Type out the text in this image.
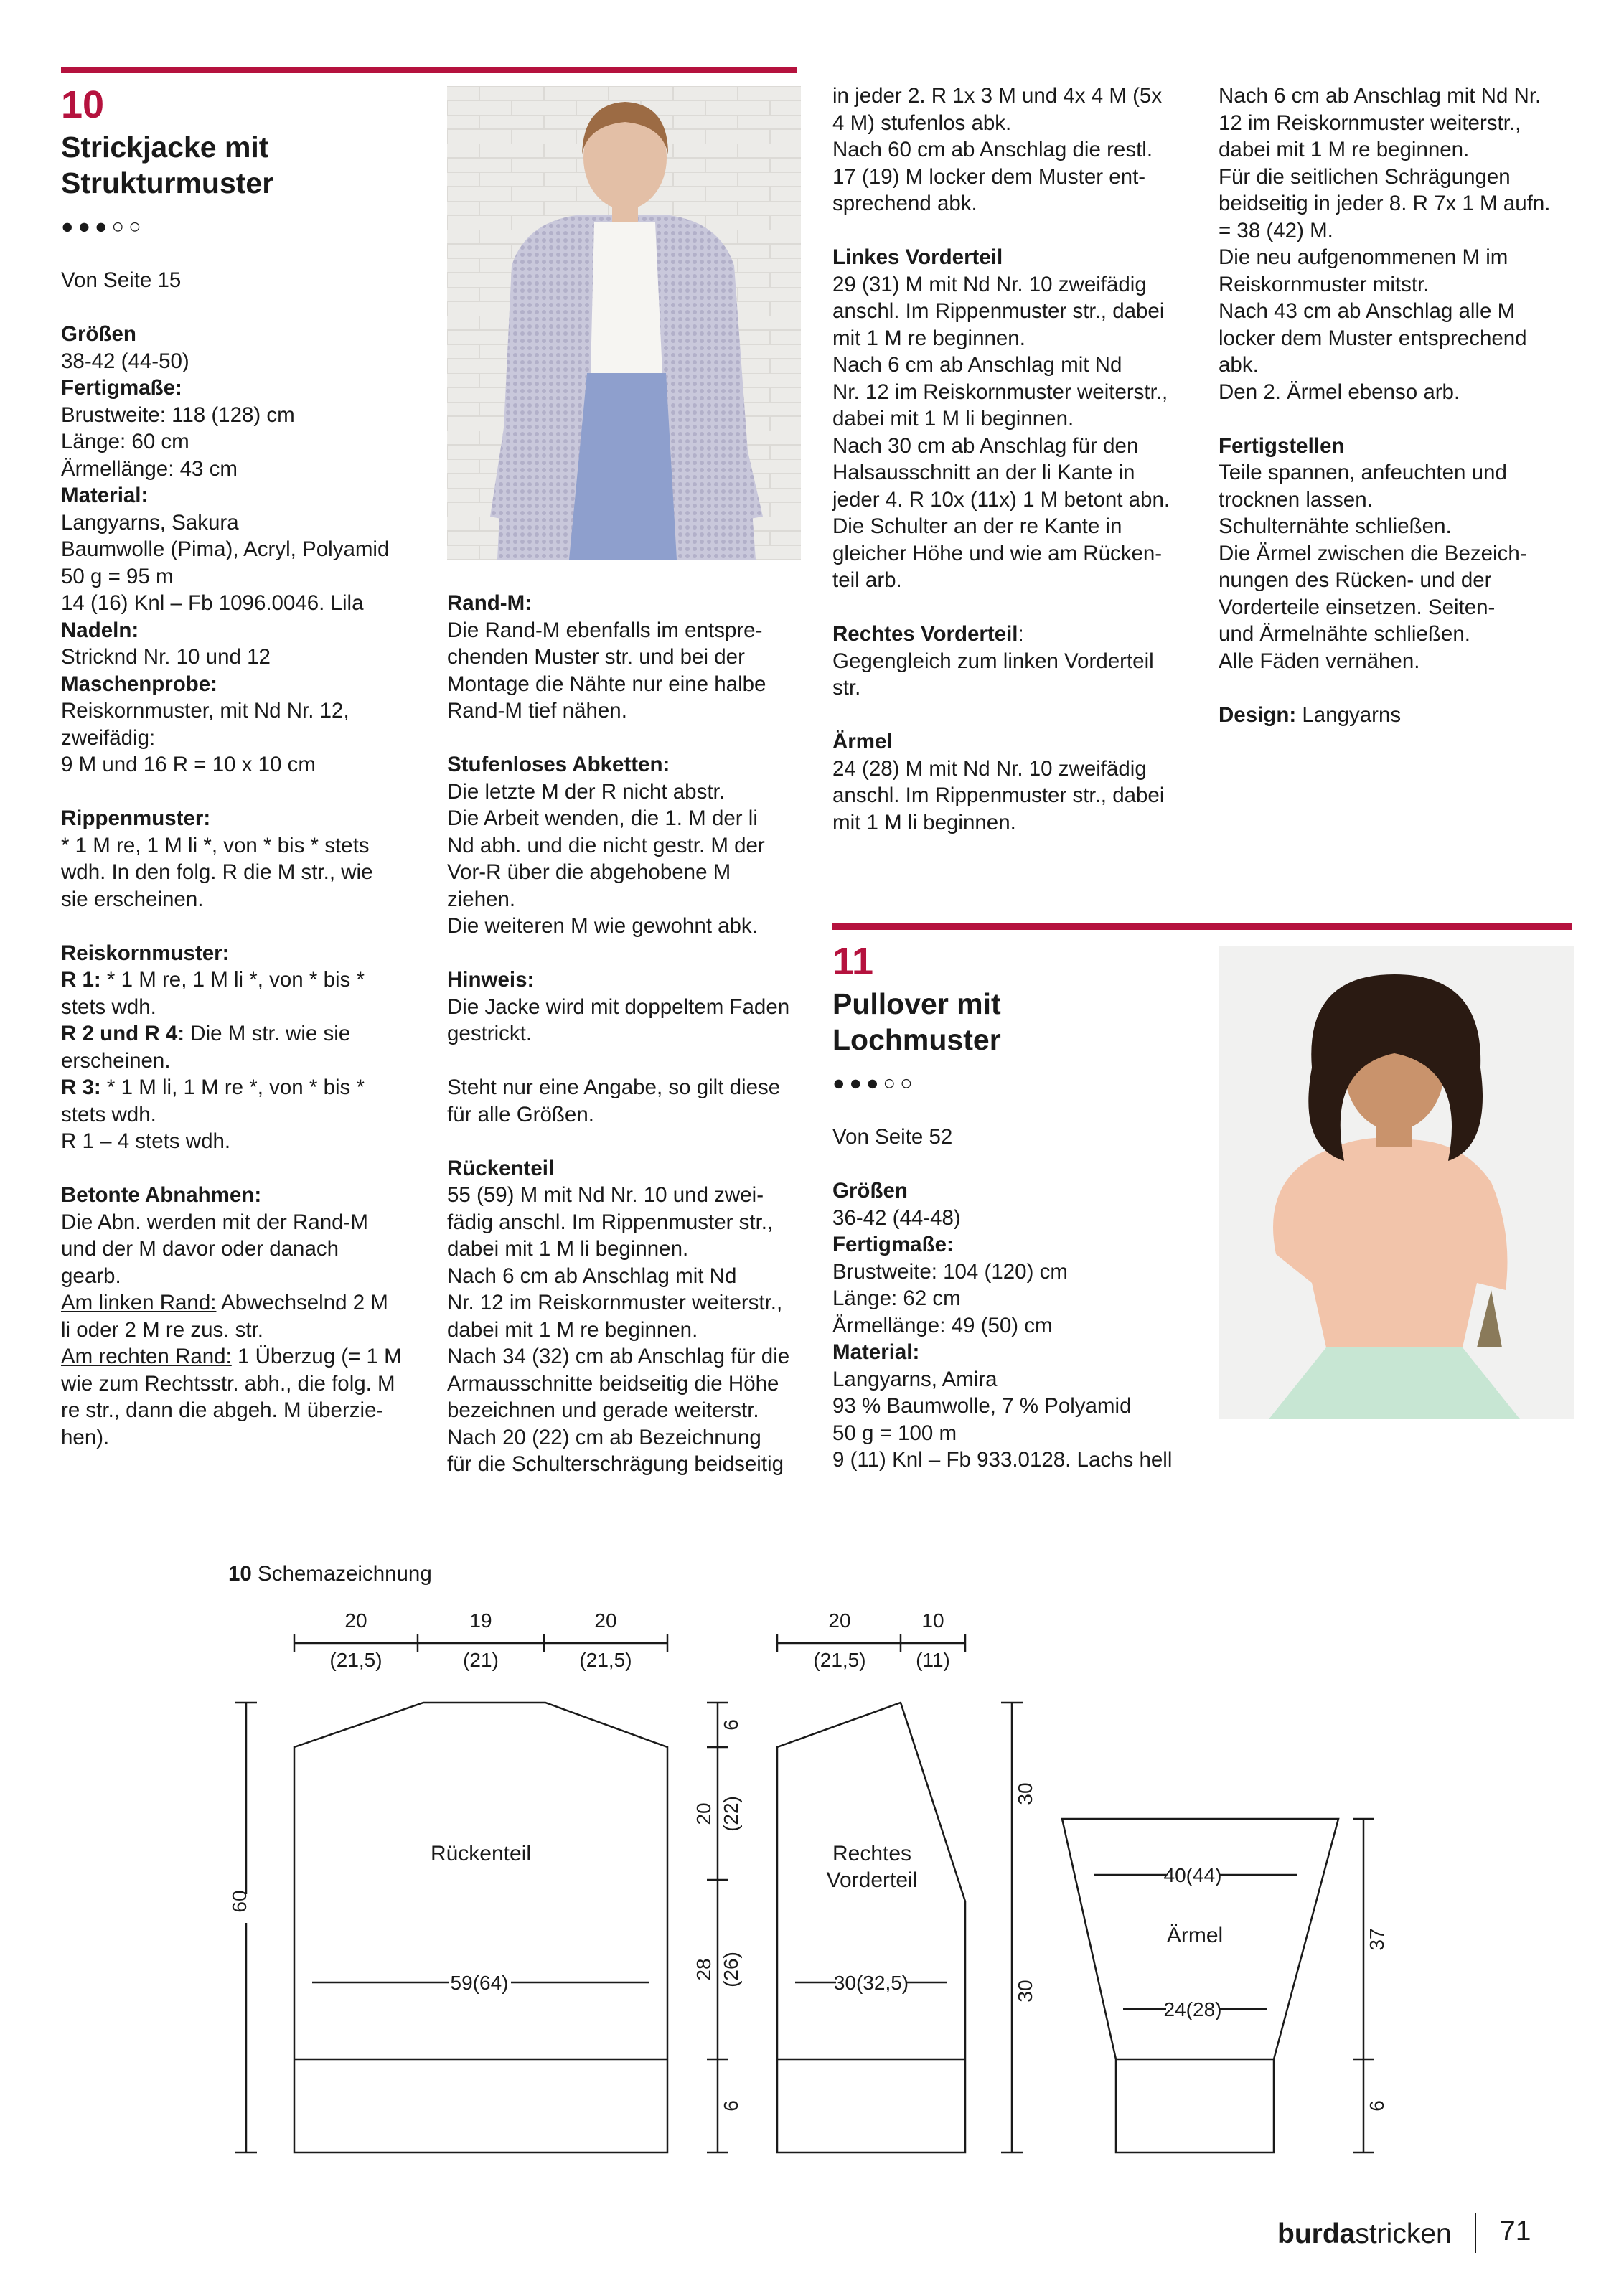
10
Strickjacke mit
Strukturmuster
●●●○○

Von Seite 15

Größen

38-42 (44-50)

Fertigmaße:

Brustweite: 118 (128) cm

Länge: 60 cm

Ärmellänge: 43 cm

Material:

Langyarns, Sakura

Baumwolle (Pima), Acryl, Polyamid

50 g = 95 m

14 (16) Knl – Fb 1096.0046. Lila

Nadeln:

Stricknd Nr. 10 und 12

Maschenprobe:

Reiskornmuster, mit Nd Nr. 12,

zweifädig:

9 M und 16 R = 10 x 10 cm

Rippenmuster:

* 1 M re, 1 M li *, von * bis * stets

wdh. In den folg. R die M str., wie

sie erscheinen.

Reiskornmuster:

R 1: * 1 M re, 1 M li *, von * bis *

stets wdh.

R 2 und R 4: Die M str. wie sie

erscheinen.

R 3: * 1 M li, 1 M re *, von * bis *

stets wdh.

R 1 – 4 stets wdh.

Betonte Abnahmen:

Die Abn. werden mit der Rand-M

und der M davor oder danach

gearb.

Am linken Rand: Abwechselnd 2 M

li oder 2 M re zus. str.

Am rechten Rand: 1 Überzug (= 1 M

wie zum Rechtsstr. abh., die folg. M

re str., dann die abgeh. M überzie-

hen).

Rand-M:

Die Rand-M ebenfalls im entspre-

chenden Muster str. und bei der

Montage die Nähte nur eine halbe

Rand-M tief nähen.

Stufenloses Abketten:

Die letzte M der R nicht abstr.

Die Arbeit wenden, die 1. M der li

Nd abh. und die nicht gestr. M der

Vor-R über die abgehobene M

ziehen.

Die weiteren M wie gewohnt abk.

Hinweis:

Die Jacke wird mit doppeltem Faden

gestrickt.

Steht nur eine Angabe, so gilt diese

für alle Größen.

Rückenteil

55 (59) M mit Nd Nr. 10 und zwei-

fädig anschl. Im Rippenmuster str.,

dabei mit 1 M li beginnen.

Nach 6 cm ab Anschlag mit Nd

Nr. 12 im Reiskornmuster weiterstr.,

dabei mit 1 M re beginnen.

Nach 34 (32) cm ab Anschlag für die

Armausschnitte beidseitig die Höhe

bezeichnen und gerade weiterstr.

Nach 20 (22) cm ab Bezeichnung

für die Schulterschrägung beidseitig

in jeder 2. R 1x 3 M und 4x 4 M (5x

4 M) stufenlos abk.

Nach 60 cm ab Anschlag die restl.

17 (19) M locker dem Muster ent-

sprechend abk.

Linkes Vorderteil

29 (31) M mit Nd Nr. 10 zweifädig

anschl. Im Rippenmuster str., dabei

mit 1 M re beginnen.

Nach 6 cm ab Anschlag mit Nd

Nr. 12 im Reiskornmuster weiterstr.,

dabei mit 1 M li beginnen.

Nach 30 cm ab Anschlag für den

Halsausschnitt an der li Kante in

jeder 4. R 10x (11x) 1 M betont abn.

Die Schulter an der re Kante in

gleicher Höhe und wie am Rücken-

teil arb.

Rechtes Vorderteil:

Gegengleich zum linken Vorderteil

str.

Ärmel

24 (28) M mit Nd Nr. 10 zweifädig

anschl. Im Rippenmuster str., dabei

mit 1 M li beginnen.

Nach 6 cm ab Anschlag mit Nd Nr.

12 im Reiskornmuster weiterstr.,

dabei mit 1 M re beginnen.

Für die seitlichen Schrägungen

beidseitig in jeder 8. R 7x 1 M aufn.

= 38 (42) M.

Die neu aufgenommenen M im

Reiskornmuster mitstr.

Nach 43 cm ab Anschlag alle M

locker dem Muster entsprechend

abk.

Den 2. Ärmel ebenso arb.

Fertigstellen

Teile spannen, anfeuchten und

trocknen lassen.

Schulternähte schließen.

Die Ärmel zwischen die Bezeich-

nungen des Rücken- und der

Vorderteile einsetzen. Seiten-

und Ärmelnähte schließen.

Alle Fäden vernähen.

Design: Langyarns

11
Pullover mit
Lochmuster
●●●○○

Von Seite 52

Größen

36-42 (44-48)

Fertigmaße:

Brustweite: 104 (120) cm

Länge: 62 cm

Ärmellänge: 49 (50) cm

Material:

Langyarns, Amira

93 % Baumwolle, 7 % Polyamid

50 g = 100 m

9 (11) Knl – Fb 933.0128. Lachs hell

10 Schemazeichnung
20	19	20
(21,5)	(21)	(21,5)
Rückenteil
59(64)
60
6
20 (22)
28 (26)
6
20	10
(21,5) (11)
Rechtes
Vorderteil
30(32,5)
30
30
40(44)
Ärmel
24(28)
37
6
burdastricken 71
